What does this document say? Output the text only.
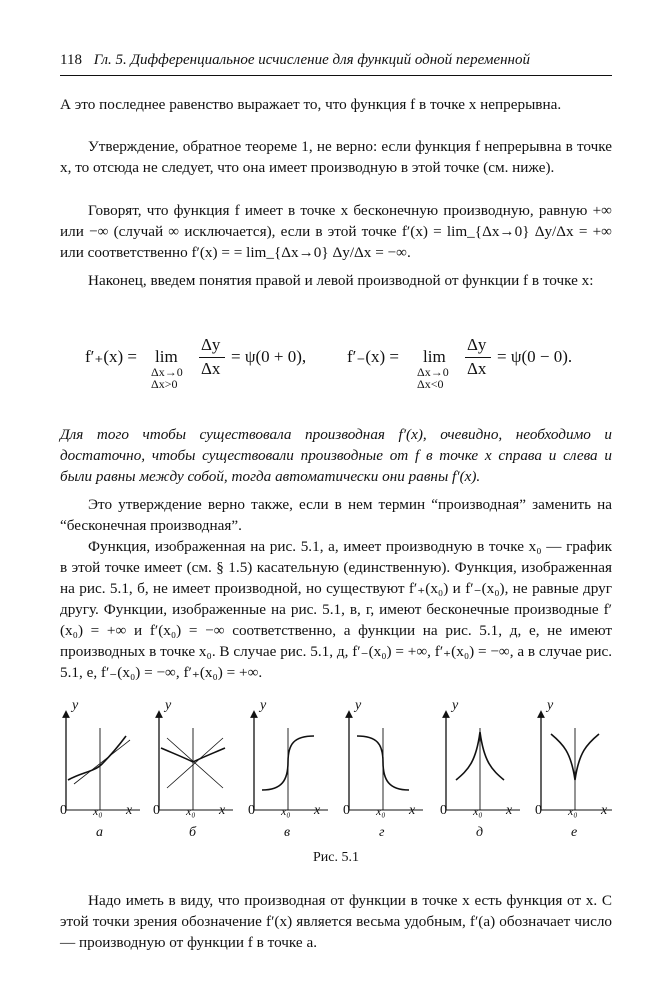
118 Гл. 5. Дифференциальное исчисление для функций одной переменной
А это последнее равенство выражает то, что функция f в точке x непрерывна.
Утверждение, обратное теореме 1, не верно: если функция f непрерывна в точке x, то отсюда не следует, что она имеет производную в этой точке (см. ниже).
Говорят, что функция f имеет в точке x бесконечную производную, равную +∞ или −∞ (случай ∞ исключается), если в этой точке f′(x) = lim_{Δx→0} Δy/Δx = +∞ или соответственно f′(x) = = lim_{Δx→0} Δy/Δx = −∞.
Наконец, введем понятия правой и левой производной от функции f в точке x:
f′₊(x) = lim
Δx→0
Δx>0
Δy
Δx
= ψ(0 + 0), f′₋(x) = lim
Δx→0
Δx<0
Δy
Δx
= ψ(0 − 0).
Для того чтобы существовала производная f′(x), очевидно, необходимо и достаточно, чтобы существовали производные от f в точке x справа и слева и были равны между собой, тогда автоматически они равны f′(x).
Это утверждение верно также, если в нем термин “производная” заменить на “бесконечная производная”.
Функция, изображенная на рис. 5.1, а, имеет производную в точке x₀ — график в этой точке имеет (см. § 1.5) касательную (единственную). Функция, изображенная на рис. 5.1, б, не имеет производной, но существуют f′₊(x₀) и f′₋(x₀), не равные друг другу. Функции, изображенные на рис. 5.1, в, г, имеют бесконечные производные f′(x₀) = +∞ и f′(x₀) = −∞ соответственно, а функции на рис. 5.1, д, е, не имеют производных в точке x₀. В случае рис. 5.1, д, f′₋(x₀) = +∞, f′₊(x₀) = −∞, а в случае рис. 5.1, е, f′₋(x₀) = −∞, f′₊(x₀) = +∞.
y
0 x₀ x
а
y
0 x₀ x
б
y
0 x₀ x
в
y
0 x₀ x
г
y
0 x₀ x
д
y
0 x₀ x
е
Рис. 5.1
Надо иметь в виду, что производная от функции в точке x есть функция от x. С этой точки зрения обозначение f′(x) является весьма удобным, f′(a) обозначает число — производную от функции f в точке a.
